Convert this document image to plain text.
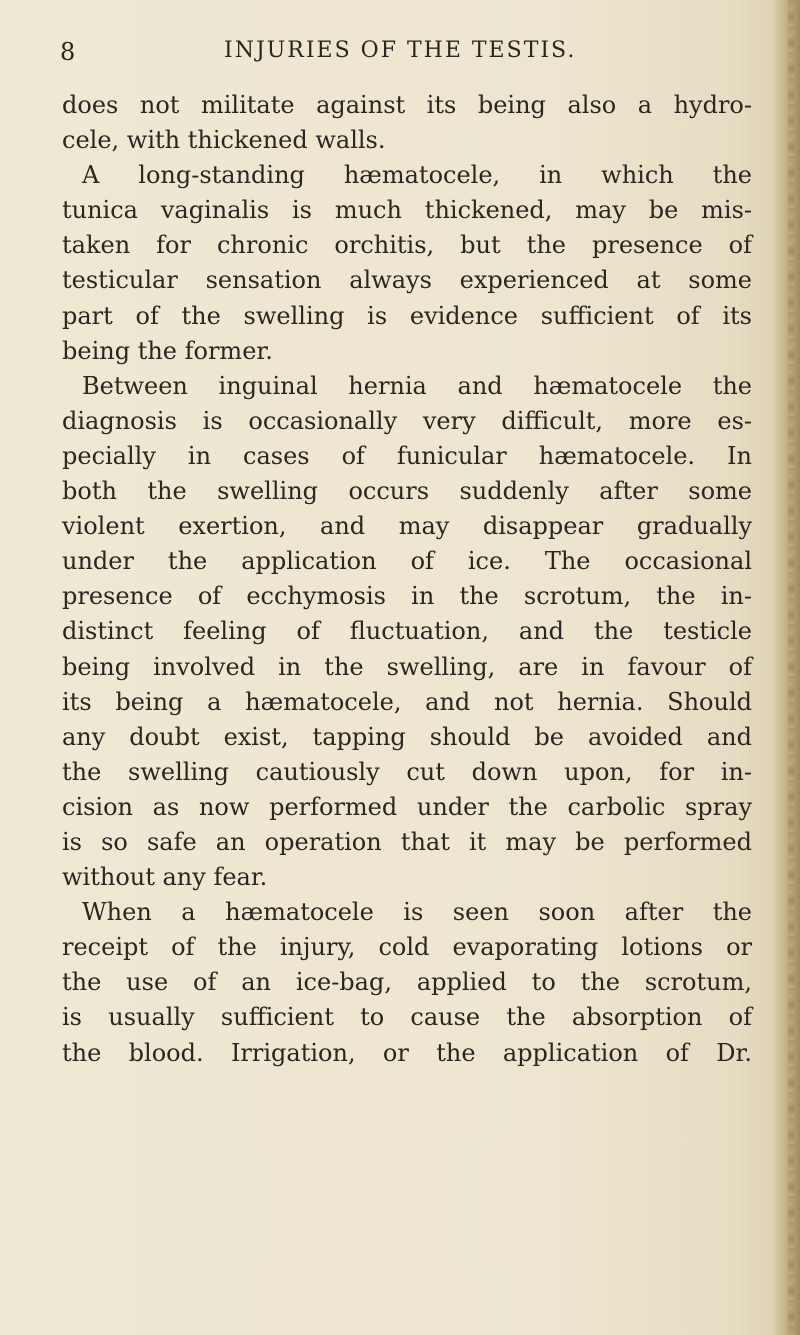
8	INJURIES OF THE TESTIS.
does not militate against its being also a hydro-
cele, with thickened walls.
A long-standing hæmatocele, in which the
tunica vaginalis is much thickened, may be mis-
taken for chronic orchitis, but the presence of
testicular sensation always experienced at some
part of the swelling is evidence sufficient of its
being the former.
Between inguinal hernia and hæmatocele the
diagnosis is occasionally very difficult, more es-
pecially in cases of funicular hæmatocele. In
both the swelling occurs suddenly after some
violent exertion, and may disappear gradually
under the application of ice. The occasional
presence of ecchymosis in the scrotum, the in-
distinct feeling of fluctuation, and the testicle
being involved in the swelling, are in favour of
its being a hæmatocele, and not hernia. Should
any doubt exist, tapping should be avoided and
the swelling cautiously cut down upon, for in-
cision as now performed under the carbolic spray
is so safe an operation that it may be performed
without any fear.
When a hæmatocele is seen soon after the
receipt of the injury, cold evaporating lotions or
the use of an ice-bag, applied to the scrotum,
is usually sufficient to cause the absorption of
the blood. Irrigation, or the application of Dr.
